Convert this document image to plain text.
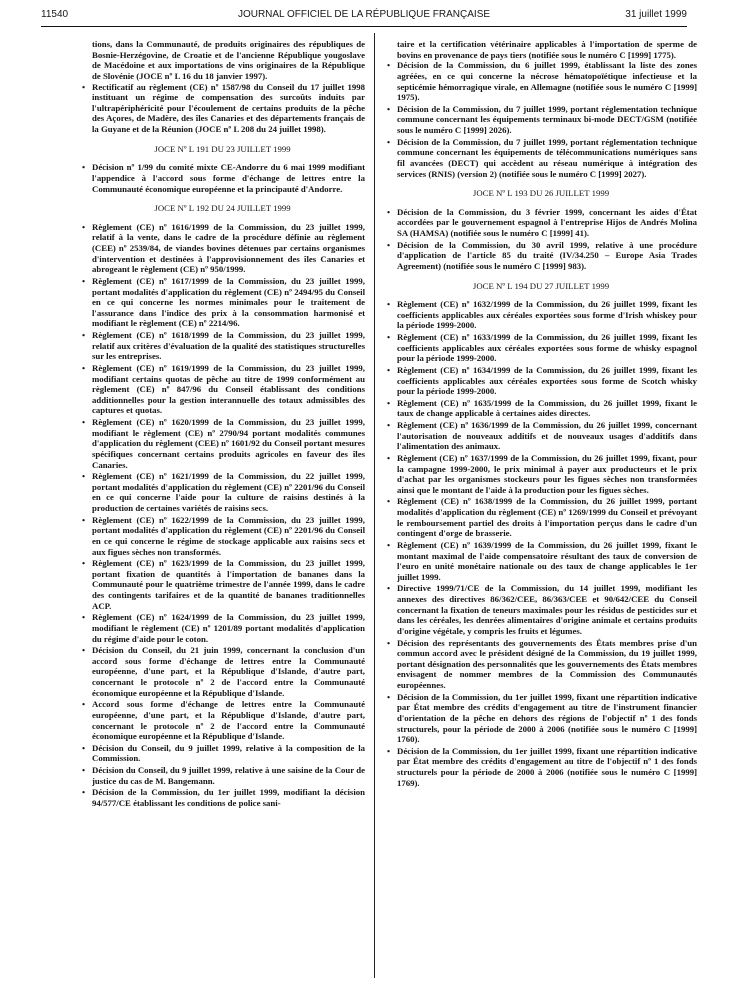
11540	JOURNAL OFFICIEL DE LA RÉPUBLIQUE FRANÇAISE	31 juillet 1999

tions, dans la Communauté, de produits originaires des républiques de Bosnie-Herzégovine, de Croatie et de l'ancienne République yougoslave de Macédoine et aux importations de vins originaires de la République de Slovénie (JOCE nº L 16 du 18 janvier 1997).

• Rectificatif au règlement (CE) nº 1587/98 du Conseil du 17 juillet 1998 instituant un régime de compensation des surcoûts induits par l'ultrapériphéricité pour l'écoulement de certains produits de la pêche des Açores, de Madère, des îles Canaries et des départements français de la Guyane et de la Réunion (JOCE nº L 208 du 24 juillet 1998).

JOCE Nº L 191 DU 23 JUILLET 1999

• Décision nº 1/99 du comité mixte CE-Andorre du 6 mai 1999 modifiant l'appendice à l'accord sous forme d'échange de lettres entre la Communauté économique européenne et la principauté d'Andorre.

JOCE Nº L 192 DU 24 JUILLET 1999

• Règlement (CE) nº 1616/1999 de la Commission, du 23 juillet 1999, relatif à la vente, dans le cadre de la procédure définie au règlement (CEE) nº 2539/84, de viandes bovines détenues par certains organismes d'intervention et destinées à l'approvisionnement des îles Canaries et abrogeant le règlement (CE) nº 950/1999.

• Règlement (CE) nº 1617/1999 de la Commission, du 23 juillet 1999, portant modalités d'application du règlement (CE) nº 2494/95 du Conseil en ce qui concerne les normes minimales pour le traitement de l'assurance dans l'indice des prix à la consommation harmonisé et modifiant le règlement (CE) nº 2214/96.

• Règlement (CE) nº 1618/1999 de la Commission, du 23 juillet 1999, relatif aux critères d'évaluation de la qualité des statistiques structurelles sur les entreprises.

• Règlement (CE) nº 1619/1999 de la Commission, du 23 juillet 1999, modifiant certains quotas de pêche au titre de 1999 conformément au règlement (CE) nº 847/96 du Conseil établissant des conditions additionnelles pour la gestion interannuelle des totaux admissibles des captures et quotas.

• Règlement (CE) nº 1620/1999 de la Commission, du 23 juillet 1999, modifiant le règlement (CE) nº 2790/94 portant modalités communes d'application du règlement (CEE) nº 1601/92 du Conseil portant mesures spécifiques concernant certains produits agricoles en faveur des îles Canaries.

• Règlement (CE) nº 1621/1999 de la Commission, du 22 juillet 1999, portant modalités d'application du règlement (CE) nº 2201/96 du Conseil en ce qui concerne l'aide pour la culture de raisins destinés à la production de certaines variétés de raisins secs.

• Règlement (CE) nº 1622/1999 de la Commission, du 23 juillet 1999, portant modalités d'application du règlement (CE) nº 2201/96 du Conseil en ce qui concerne le régime de stockage applicable aux raisins secs et aux figues sèches non transformés.

• Règlement (CE) nº 1623/1999 de la Commission, du 23 juillet 1999, portant fixation de quantités à l'importation de bananes dans la Communauté pour le quatrième trimestre de l'année 1999, dans le cadre des contingents tarifaires et de la quantité de bananes traditionnelles ACP.

• Règlement (CE) nº 1624/1999 de la Commission, du 23 juillet 1999, modifiant le règlement (CE) nº 1201/89 portant modalités d'application du régime d'aide pour le coton.

• Décision du Conseil, du 21 juin 1999, concernant la conclusion d'un accord sous forme d'échange de lettres entre la Communauté européenne, d'une part, et la République d'Islande, d'autre part, concernant le protocole nº 2 de l'accord entre la Communauté économique européenne et la République d'Islande.

• Accord sous forme d'échange de lettres entre la Communauté européenne, d'une part, et la République d'Islande, d'autre part, concernant le protocole nº 2 de l'accord entre la Communauté économique européenne et la République d'Islande.

• Décision du Conseil, du 9 juillet 1999, relative à la composition de la Commission.

• Décision du Conseil, du 9 juillet 1999, relative à une saisine de la Cour de justice du cas de M. Bangemann.

• Décision de la Commission, du 1er juillet 1999, modifiant la décision 94/577/CE établissant les conditions de police sani-

taire et la certification vétérinaire applicables à l'importation de sperme de bovins en provenance de pays tiers (notifiée sous le numéro C [1999] 1775).

• Décision de la Commission, du 6 juillet 1999, établissant la liste des zones agréées, en ce qui concerne la nécrose hématopoïétique infectieuse et la septicémie hémorragique virale, en Allemagne (notifiée sous le numéro C [1999] 1975).

• Décision de la Commission, du 7 juillet 1999, portant réglementation technique commune concernant les équipements terminaux bi-mode DECT/GSM (notifiée sous le numéro C [1999] 2026).

• Décision de la Commission, du 7 juillet 1999, portant réglementation technique commune concernant les équipements de télécommunications numériques sans fil avancées (DECT) qui accèdent au réseau numérique à intégration des services (RNIS) (version 2) (notifiée sous le numéro C [1999] 2027).

JOCE Nº L 193 DU 26 JUILLET 1999

• Décision de la Commission, du 3 février 1999, concernant les aides d'État accordées par le gouvernement espagnol à l'entreprise Hijos de Andrés Molina SA (HAMSA) (notifiée sous le numéro C [1999] 41).

• Décision de la Commission, du 30 avril 1999, relative à une procédure d'application de l'article 85 du traité (IV/34.250 – Europe Asia Trades Agreement) (notifiée sous le numéro C [1999] 983).

JOCE Nº L 194 DU 27 JUILLET 1999

• Règlement (CE) nº 1632/1999 de la Commission, du 26 juillet 1999, fixant les coefficients applicables aux céréales exportées sous forme d'Irish whiskey pour la période 1999-2000.

• Règlement (CE) nº 1633/1999 de la Commission, du 26 juillet 1999, fixant les coefficients applicables aux céréales exportées sous forme de whisky espagnol pour la période 1999-2000.

• Règlement (CE) nº 1634/1999 de la Commission, du 26 juillet 1999, fixant les coefficients applicables aux céréales exportées sous forme de Scotch whisky pour la période 1999-2000.

• Règlement (CE) nº 1635/1999 de la Commission, du 26 juillet 1999, fixant le taux de change applicable à certaines aides directes.

• Règlement (CE) nº 1636/1999 de la Commission, du 26 juillet 1999, concernant l'autorisation de nouveaux additifs et de nouveaux usages d'additifs dans l'alimentation des animaux.

• Règlement (CE) nº 1637/1999 de la Commission, du 26 juillet 1999, fixant, pour la campagne 1999-2000, le prix minimal à payer aux producteurs et le prix d'achat par les organismes stockeurs pour les figues sèches non transformées ainsi que le montant de l'aide à la production pour les figues sèches.

• Règlement (CE) nº 1638/1999 de la Commission, du 26 juillet 1999, portant modalités d'application du règlement (CE) nº 1269/1999 du Conseil et prévoyant le remboursement partiel des droits à l'importation perçus dans le cadre d'un contingent d'orge de brasserie.

• Règlement (CE) nº 1639/1999 de la Commission, du 26 juillet 1999, fixant le montant maximal de l'aide compensatoire résultant des taux de conversion de l'euro en unité monétaire nationale ou des taux de change applicables le 1er juillet 1999.

• Directive 1999/71/CE de la Commission, du 14 juillet 1999, modifiant les annexes des directives 86/362/CEE, 86/363/CEE et 90/642/CEE du Conseil concernant la fixation de teneurs maximales pour les résidus de pesticides sur et dans les céréales, les denrées alimentaires d'origine animale et certains produits d'origine végétale, y compris les fruits et légumes.

• Décision des représentants des gouvernements des États membres prise d'un commun accord avec le président désigné de la Commission, du 19 juillet 1999, portant désignation des personnalités que les gouvernements des États membres envisagent de nommer membres de la Commission des Communautés européennes.

• Décision de la Commission, du 1er juillet 1999, fixant une répartition indicative par État membre des crédits d'engagement au titre de l'instrument financier d'orientation de la pêche en dehors des régions de l'objectif nº 1 des fonds structurels, pour la période de 2000 à 2006 (notifiée sous le numéro C [1999] 1760).

• Décision de la Commission, du 1er juillet 1999, fixant une répartition indicative par État membre des crédits d'engagement au titre de l'objectif nº 1 des fonds structurels pour la période de 2000 à 2006 (notifiée sous le numéro C [1999] 1769).
